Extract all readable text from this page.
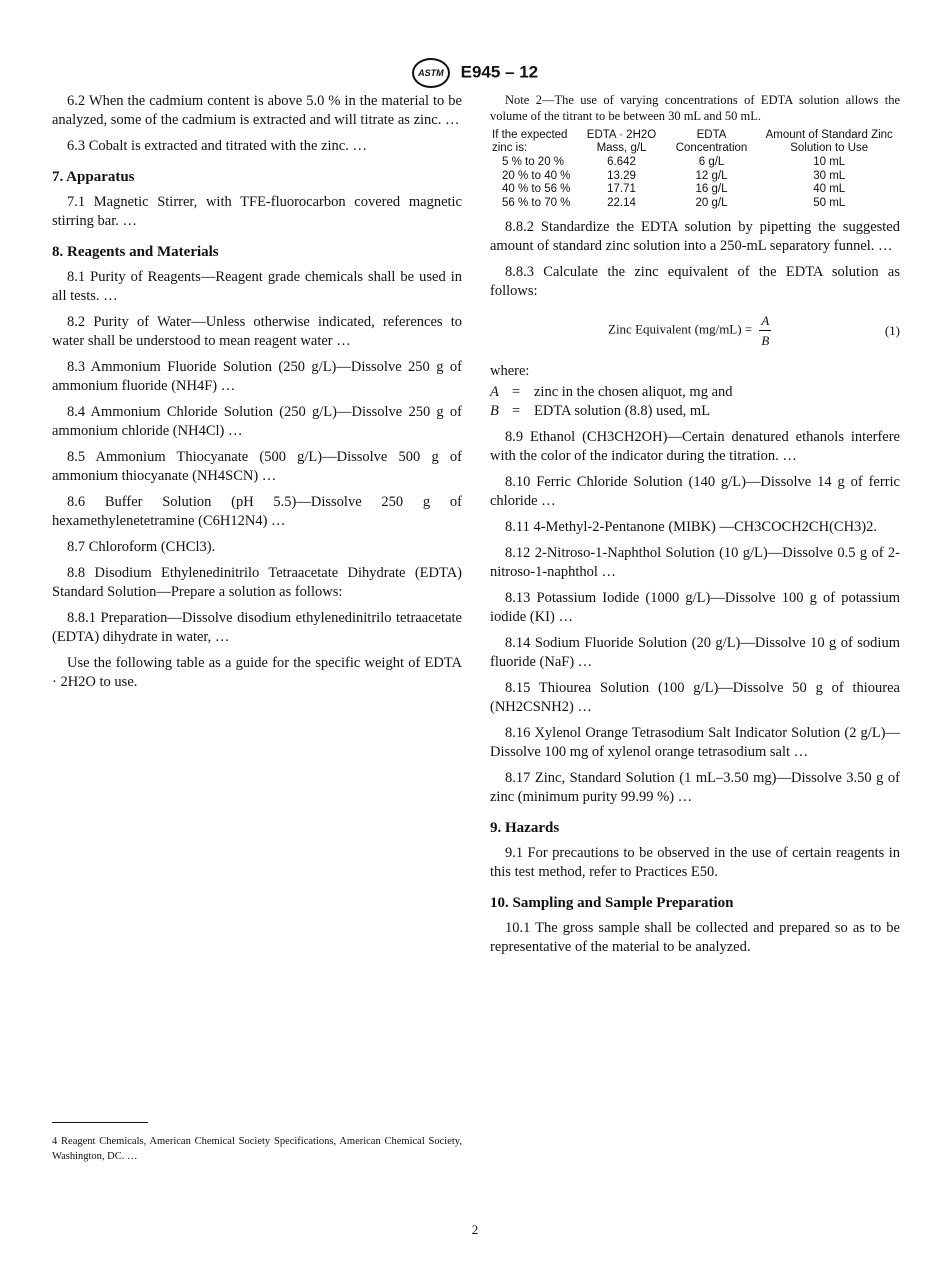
ASTM E945 – 12

6.2 When the cadmium content is above 5.0 % in the material to be analyzed, some of the cadmium is extracted and will titrate as zinc. …

6.3 Cobalt is extracted and titrated with the zinc. …

7. Apparatus

7.1 Magnetic Stirrer, with TFE-fluorocarbon covered magnetic stirring bar. …

8. Reagents and Materials

8.1 Purity of Reagents—Reagent grade chemicals shall be used in all tests. …

8.2 Purity of Water—Unless otherwise indicated, references to water shall be understood to mean reagent water …

8.3 Ammonium Fluoride Solution (250 g/L)—Dissolve 250 g of ammonium fluoride (NH4F) …

8.4 Ammonium Chloride Solution (250 g/L)—Dissolve 250 g of ammonium chloride (NH4Cl) …

8.5 Ammonium Thiocyanate (500 g/L)—Dissolve 500 g of ammonium thiocyanate (NH4SCN) …

8.6 Buffer Solution (pH 5.5)—Dissolve 250 g of hexamethylenetetramine (C6H12N4) …

8.7 Chloroform (CHCl3).

8.8 Disodium Ethylenedinitrilo Tetraacetate Dihydrate (EDTA) Standard Solution—Prepare a solution as follows:

8.8.1 Preparation—Dissolve disodium ethylenedinitrilo tetraacetate (EDTA) dihydrate in water, …

Use the following table as a guide for the specific weight of EDTA · 2H2O to use.

4 Reagent Chemicals, American Chemical Society Specifications, American Chemical Society, Washington, DC. …
Note 2—The use of varying concentrations of EDTA solution allows the volume of the titrant to be between 30 mL and 50 mL.
If the expected zinc is:	EDTA · 2H2O Mass, g/L	EDTA Concentration	Amount of Standard Zinc Solution to Use
5 % to 20 %	6.642	6 g/L	10 mL
20 % to 40 %	13.29	12 g/L	30 mL
40 % to 56 %	17.71	16 g/L	40 mL
56 % to 70 %	22.14	20 g/L	50 mL

8.8.2 Standardize the EDTA solution by pipetting the suggested amount of standard zinc solution into a 250-mL separatory funnel. …

8.8.3 Calculate the zinc equivalent of the EDTA solution as follows:

Zinc Equivalent $(mg/mL) = \frac{A}{B}$	(1)

where:

A = zinc in the chosen aliquot, mg and
B = EDTA solution (8.8) used, mL

8.9 Ethanol (CH3CH2OH)—Certain denatured ethanols interfere with the color of the indicator during the titration. …

8.10 Ferric Chloride Solution (140 g/L)—Dissolve 14 g of ferric chloride …

8.11 4-Methyl-2-Pentanone (MIBK) —CH3COCH2CH(CH3)2.

8.12 2-Nitroso-1-Naphthol Solution (10 g/L)—Dissolve 0.5 g of 2-nitroso-1-naphthol …

8.13 Potassium Iodide (1000 g/L)—Dissolve 100 g of potassium iodide (KI) …

8.14 Sodium Fluoride Solution (20 g/L)—Dissolve 10 g of sodium fluoride (NaF) …

8.15 Thiourea Solution (100 g/L)—Dissolve 50 g of thiourea (NH2CSNH2) …

8.16 Xylenol Orange Tetrasodium Salt Indicator Solution (2 g/L)—Dissolve 100 mg of xylenol orange tetrasodium salt …

8.17 Zinc, Standard Solution (1 mL–3.50 mg)—Dissolve 3.50 g of zinc (minimum purity 99.99 %) …

9. Hazards

9.1 For precautions to be observed in the use of certain reagents in this test method, refer to Practices E50.

10. Sampling and Sample Preparation

10.1 The gross sample shall be collected and prepared so as to be representative of the material to be analyzed.

2
